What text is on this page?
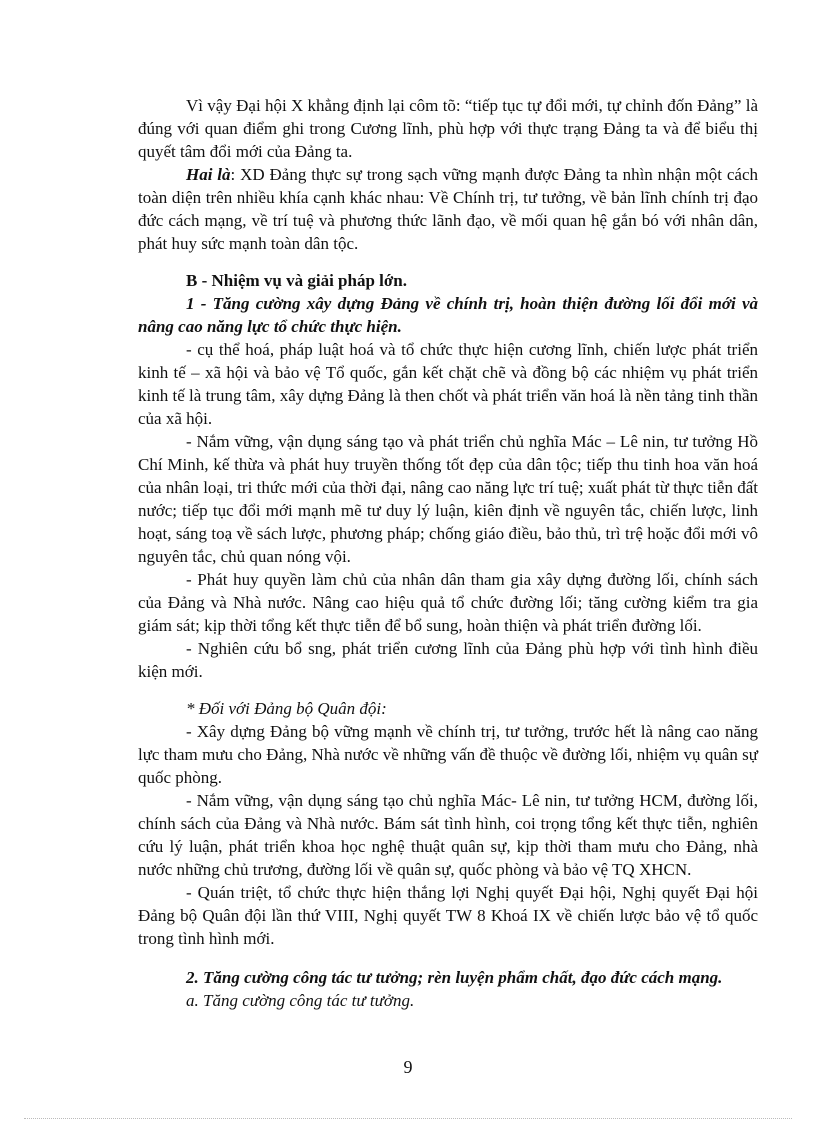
Vì vậy Đại hội X khẳng định lại côm tõ: “tiếp tục tự đổi mới, tự chỉnh đốn Đảng” là đúng với quan điểm ghi trong Cương lĩnh, phù hợp với thực trạng Đảng ta và để biểu thị quyết tâm đổi mới của Đảng ta.

Hai là: XD Đảng thực sự trong sạch vững mạnh được Đảng ta nhìn nhận một cách toàn diện trên nhiều khía cạnh khác nhau: Về Chính trị, tư tưởng, về bản lĩnh chính trị đạo đức cách mạng, về trí tuệ và phương thức lãnh đạo, về mối quan hệ gắn bó với nhân dân, phát huy sức mạnh toàn dân tộc.

B - Nhiệm vụ và giải pháp lớn.

1 - Tăng cường xây dựng Đảng về chính trị, hoàn thiện đường lối đổi mới và nâng cao năng lực tổ chức thực hiện.

- cụ thể hoá, pháp luật hoá và tổ chức thực hiện cương lĩnh, chiến lược phát triển kinh tế – xã hội và bảo vệ Tổ quốc, gắn kết chặt chẽ và đồng bộ các nhiệm vụ phát triển kinh tế là trung tâm, xây dựng Đảng là then chốt và phát triển văn hoá là nền tảng tinh thần của xã hội.

- Nắm vững, vận dụng sáng tạo và phát triển chủ nghĩa Mác – Lê nin, tư tưởng Hồ Chí Minh, kế thừa và phát huy truyền thống tốt đẹp của dân tộc; tiếp thu tinh hoa văn hoá của nhân loại, tri thức mới của thời đại, nâng cao năng lực trí tuệ; xuất phát từ thực tiễn đất nước; tiếp tục đổi mới mạnh mẽ tư duy lý luận, kiên định về nguyên tắc, chiến lược, linh hoạt, sáng toạ về sách lược, phương pháp; chống giáo điều, bảo thủ, trì trệ hoặc đổi mới vô nguyên tắc, chủ quan nóng vội.

- Phát huy quyền làm chủ của nhân dân tham gia xây dựng đường lối, chính sách của Đảng và Nhà nước. Nâng cao hiệu quả tổ chức đường lối; tăng cường kiểm tra gia giám sát; kịp thời tổng kết thực tiễn để bổ sung, hoàn thiện và phát triển đường lối.

- Nghiên cứu bổ sng, phát triển cương lĩnh của Đảng phù hợp với tình hình điều kiện mới.

* Đối với Đảng bộ Quân đội:

- Xây dựng Đảng bộ vững mạnh về chính trị, tư tưởng, trước hết là nâng cao năng lực tham mưu cho Đảng, Nhà nước về những vấn đề thuộc về đường lối, nhiệm vụ quân sự quốc phòng.

- Nắm vững, vận dụng sáng tạo chủ nghĩa Mác- Lê nin, tư tưởng HCM, đường lối, chính sách của Đảng và Nhà nước. Bám sát tình hình, coi trọng tổng kết thực tiễn, nghiên cứu lý luận, phát triển khoa học nghệ thuật quân sự, kịp thời tham mưu cho Đảng, nhà nước những chủ trương, đường lối về quân sự, quốc phòng và bảo vệ TQ XHCN.

- Quán triệt, tổ chức thực hiện thắng lợi Nghị quyết Đại hội, Nghị quyết Đại hội Đảng bộ Quân đội lần thứ VIII, Nghị quyết TW 8 Khoá IX về chiến lược bảo vệ tổ quốc trong tình hình mới.

2. Tăng cường công tác tư tưởng; rèn luyện phẩm chất, đạo đức cách mạng.

a. Tăng cường công tác tư tưởng.

9
